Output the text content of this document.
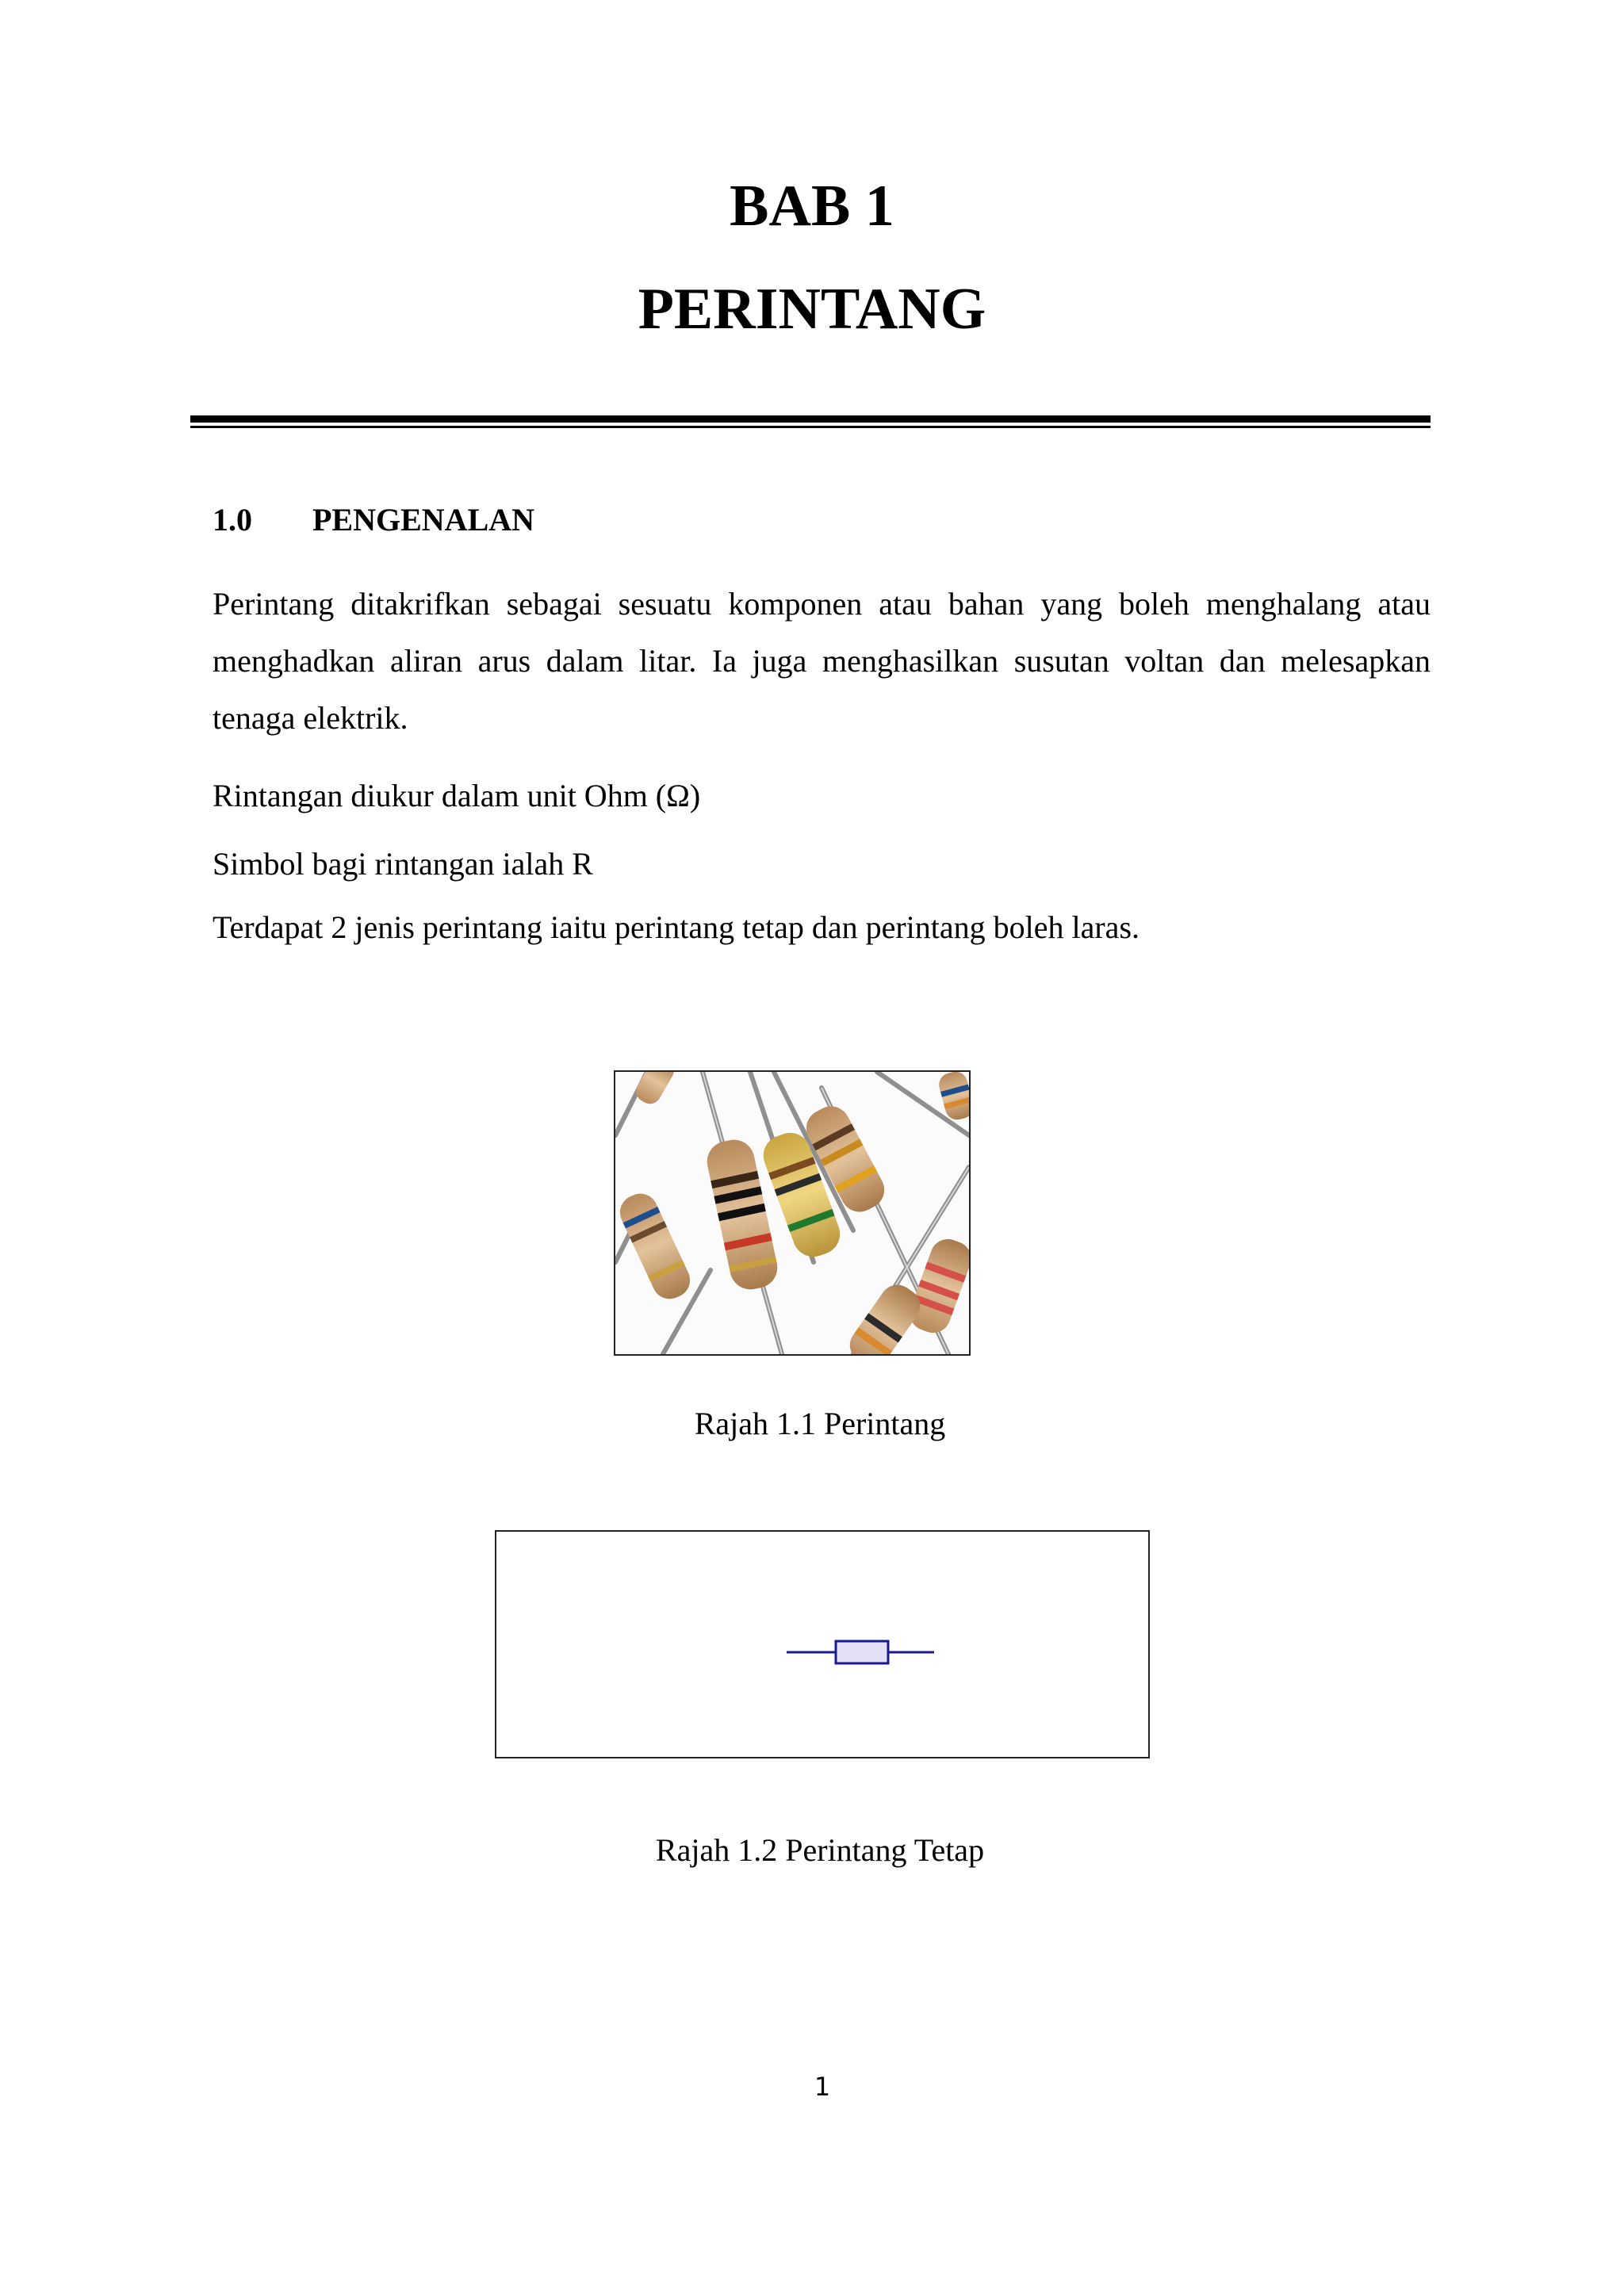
BAB 1
PERINTANG
1.0 PENGENALAN
Perintang ditakrifkan sebagai sesuatu komponen atau bahan yang boleh menghalang atau menghadkan aliran arus dalam litar. Ia juga menghasilkan susutan voltan dan melesapkan tenaga elektrik.
Rintangan diukur dalam unit Ohm (Ω)
Simbol bagi rintangan ialah R
Terdapat 2 jenis perintang iaitu perintang tetap dan perintang boleh laras.
Rajah 1.1 Perintang
Rajah 1.2 Perintang Tetap
1
